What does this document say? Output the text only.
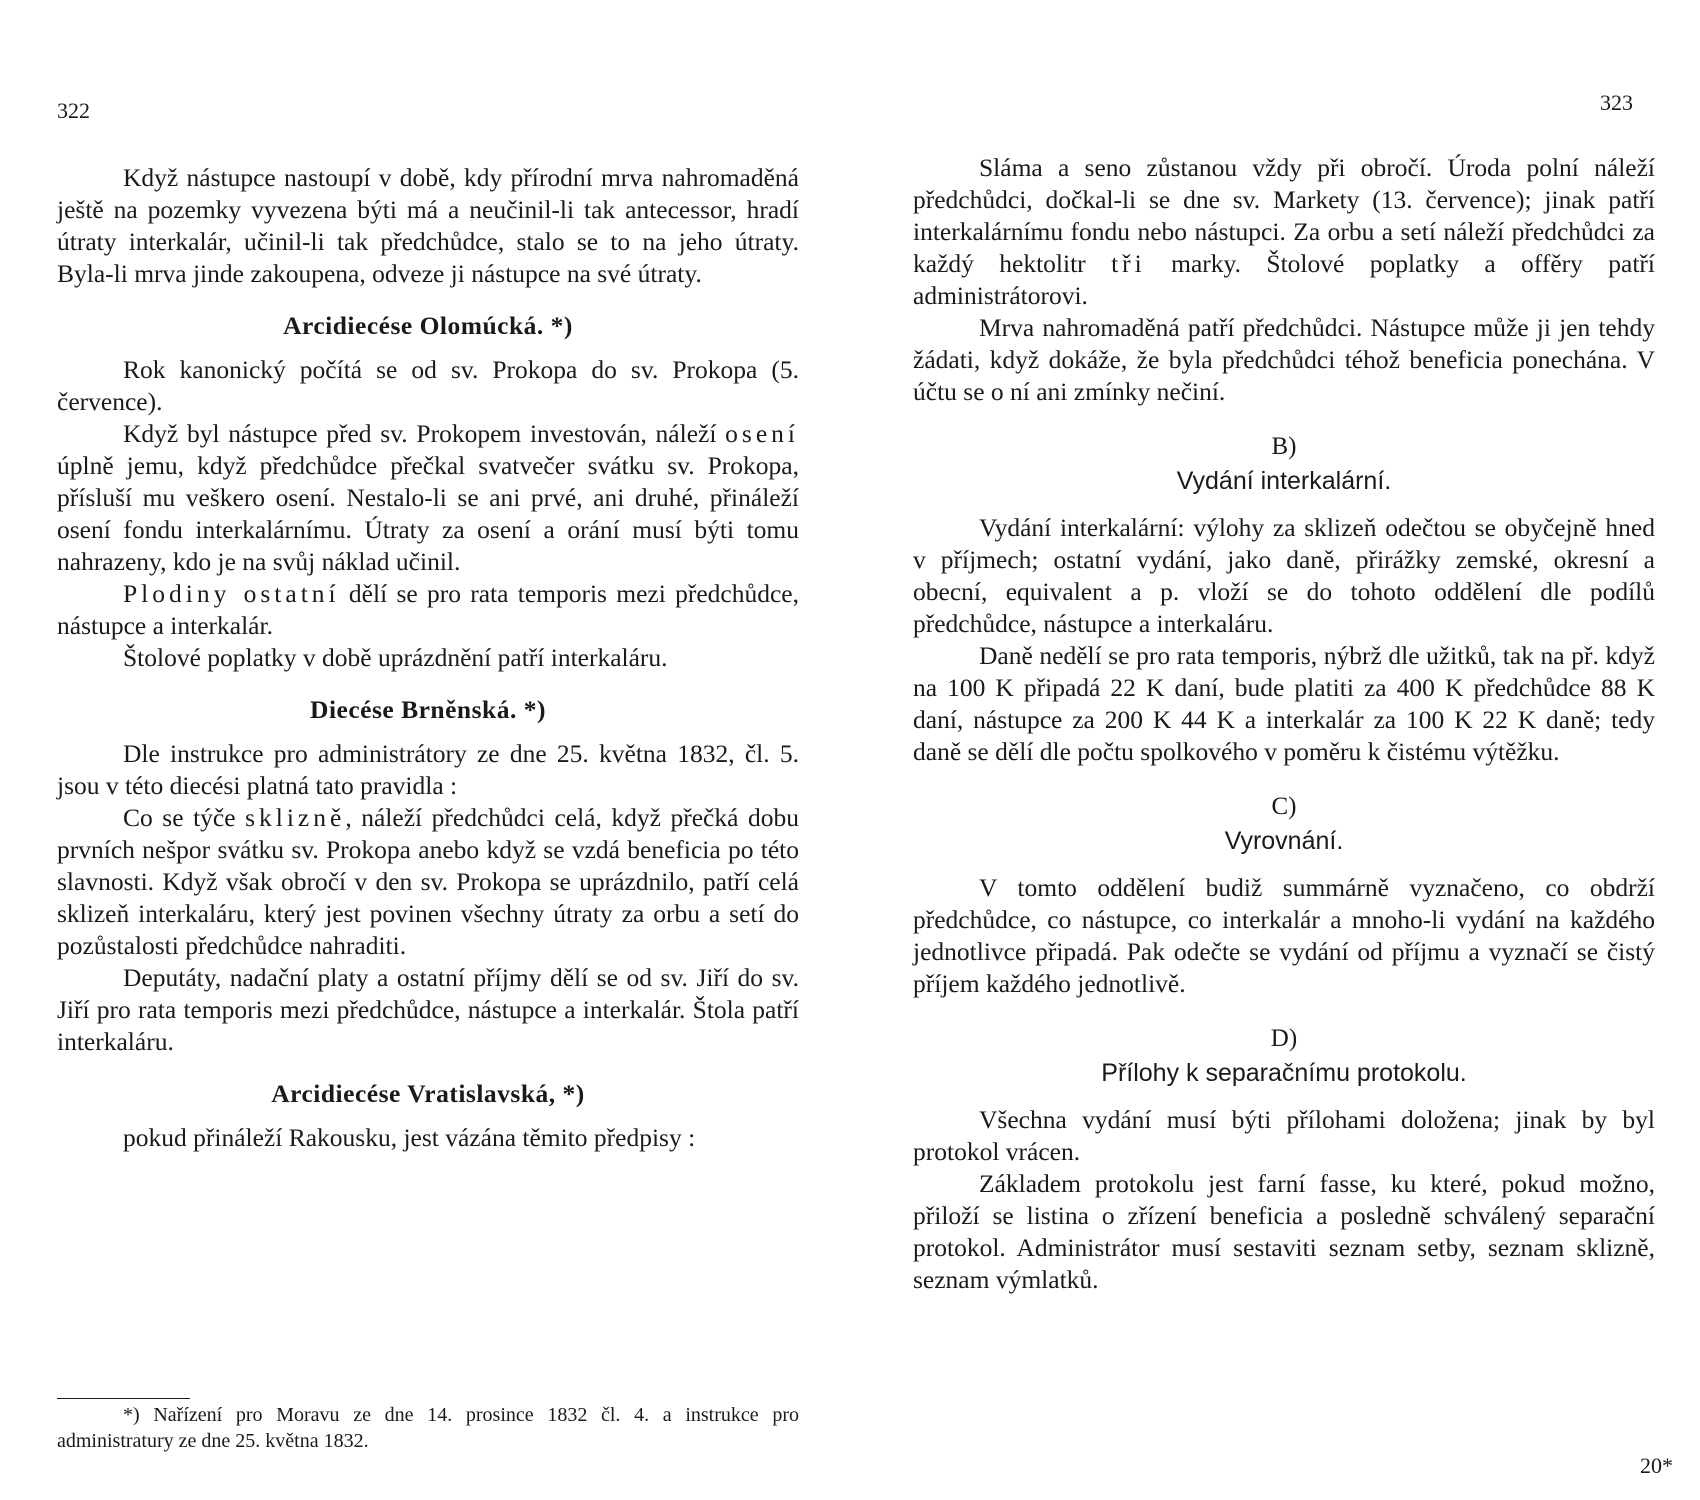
322

Když nástupce nastoupí v době, kdy přírodní mrva nahromaděná ještě na pozemky vyvezena býti má a neučinil-li tak antecessor, hradí útraty interkalár, učinil-li tak předchůdce, stalo se to na jeho útraty. Byla-li mrva jinde zakoupena, odveze ji nástupce na své útraty.

Arcidiecése Olomúcká. *)

Rok kanonický počítá se od sv. Prokopa do sv. Prokopa (5. července).

Když byl nástupce před sv. Prokopem investován, náleží osení úplně jemu, když předchůdce přečkal svatvečer svátku sv. Prokopa, přísluší mu veškero osení. Nestalo-li se ani prvé, ani druhé, přináleží osení fondu interkalárnímu. Útraty za osení a orání musí býti tomu nahrazeny, kdo je na svůj náklad učinil.

Plodiny ostatní dělí se pro rata temporis mezi předchůdce, nástupce a interkalár.

Štolové poplatky v době uprázdnění patří interkaláru.

Diecése Brněnská. *)

Dle instrukce pro administrátory ze dne 25. května 1832, čl. 5. jsou v této diecési platná tato pravidla :

Co se týče sklizně, náleží předchůdci celá, když přečká dobu prvních nešpor svátku sv. Prokopa anebo když se vzdá beneficia po této slavnosti. Když však obročí v den sv. Prokopa se uprázdnilo, patří celá sklizeň interkaláru, který jest povinen všechny útraty za orbu a setí do pozůstalosti předchůdce nahraditi.

Deputáty, nadační platy a ostatní příjmy dělí se od sv. Jiří do sv. Jiří pro rata temporis mezi předchůdce, nástupce a interkalár. Štola patří interkaláru.

Arcidiecése Vratislavská, *)

pokud přináleží Rakousku, jest vázána těmito předpisy :

*) Nařízení pro Moravu ze dne 14. prosince 1832 čl. 4. a instrukce pro administratury ze dne 25. května 1832.
323

Sláma a seno zůstanou vždy při obročí. Úroda polní náleží předchůdci, dočkal-li se dne sv. Markety (13. července); jinak patří interkalárnímu fondu nebo nástupci. Za orbu a setí náleží předchůdci za každý hektolitr tři marky. Štolové poplatky a offěry patří administrátorovi.

Mrva nahromaděná patří předchůdci. Nástupce může ji jen tehdy žádati, když dokáže, že byla předchůdci téhož beneficia ponechána. V účtu se o ní ani zmínky nečiní.

B)
Vydání interkalární.

Vydání interkalární: výlohy za sklizeň odečtou se obyčejně hned v příjmech; ostatní vydání, jako daně, přirážky zemské, okresní a obecní, equivalent a p. vloží se do tohoto oddělení dle podílů předchůdce, nástupce a interkaláru.

Daně nedělí se pro rata temporis, nýbrž dle užitků, tak na př. když na 100 K připadá 22 K daní, bude platiti za 400 K předchůdce 88 K daní, nástupce za 200 K 44 K a interkalár za 100 K 22 K daně; tedy daně se dělí dle počtu spolkového v poměru k čistému výtěžku.

C)
Vyrovnání.

V tomto oddělení budiž summárně vyznačeno, co obdrží předchůdce, co nástupce, co interkalár a mnoho-li vydání na každého jednotlivce připadá. Pak odečte se vydání od příjmu a vyznačí se čistý příjem každého jednotlivě.

D)
Přílohy k separačnímu protokolu.

Všechna vydání musí býti přílohami doložena; jinak by byl protokol vrácen.

Základem protokolu jest farní fasse, ku které, pokud možno, přiloží se listina o zřízení beneficia a posledně schválený separační protokol. Administrátor musí sestaviti seznam setby, seznam sklizně, seznam výmlatků.

20*
